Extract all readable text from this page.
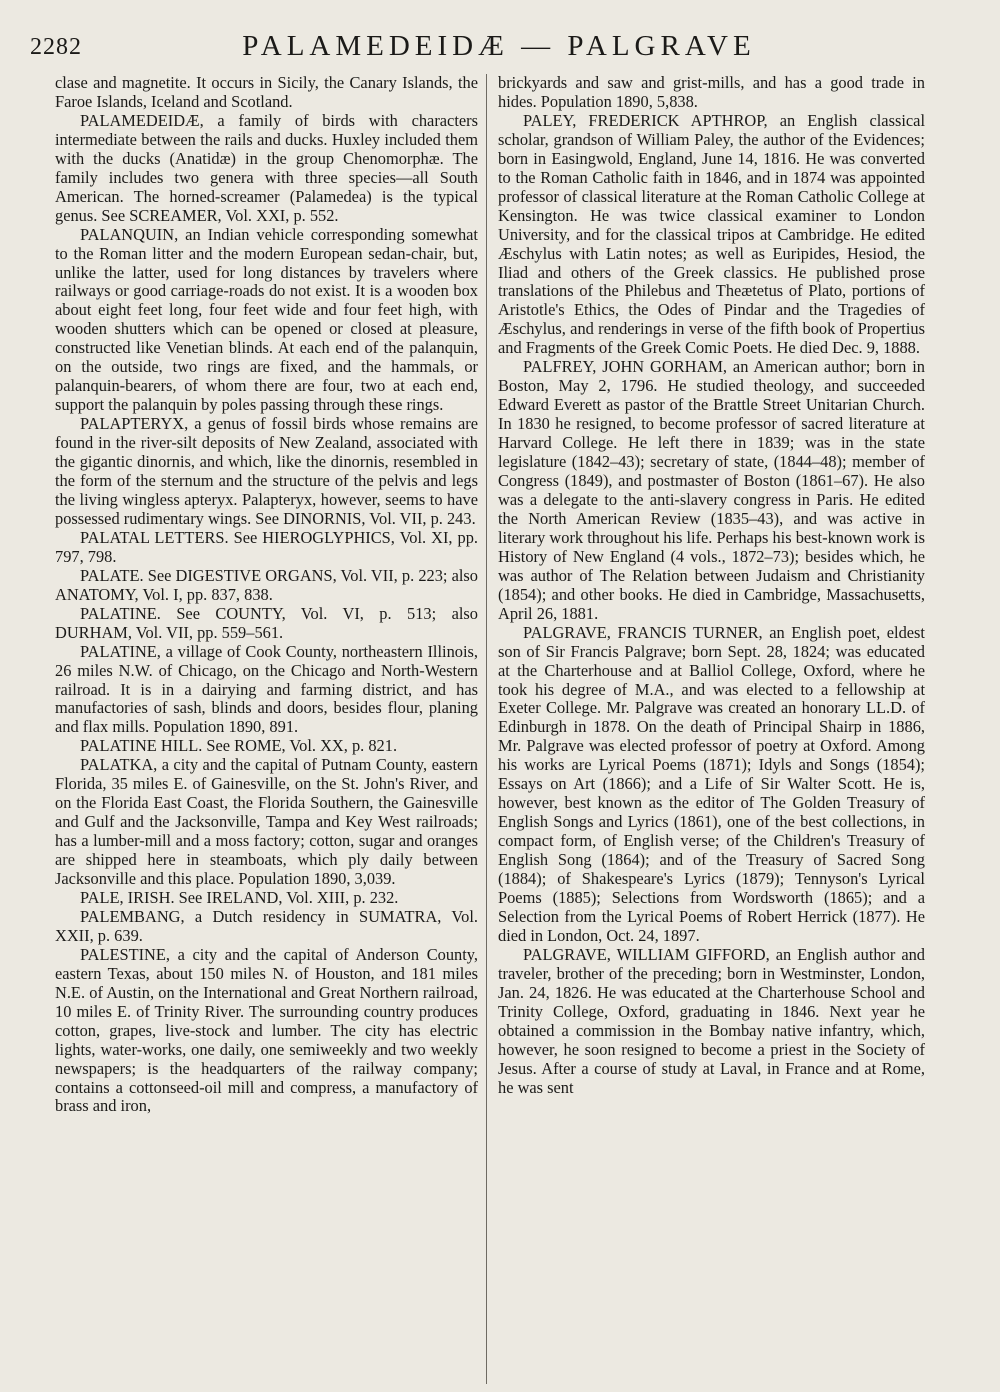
2282	PALAMEDEIDÆ — PALGRAVE

clase and magnetite. It occurs in Sicily, the Canary Islands, the Faroe Islands, Iceland and Scotland.

PALAMEDEIDÆ, a family of birds with characters intermediate between the rails and ducks. Huxley included them with the ducks (Anatidæ) in the group Chenomorphæ. The family includes two genera with three species—all South American. The horned-screamer (Palamedea) is the typical genus. See SCREAMER, Vol. XXI, p. 552.

PALANQUIN, an Indian vehicle corresponding somewhat to the Roman litter and the modern European sedan-chair, but, unlike the latter, used for long distances by travelers where railways or good carriage-roads do not exist. It is a wooden box about eight feet long, four feet wide and four feet high, with wooden shutters which can be opened or closed at pleasure, constructed like Venetian blinds. At each end of the palanquin, on the outside, two rings are fixed, and the hammals, or palanquin-bearers, of whom there are four, two at each end, support the palanquin by poles passing through these rings.

PALAPTERYX, a genus of fossil birds whose remains are found in the river-silt deposits of New Zealand, associated with the gigantic dinornis, and which, like the dinornis, resembled in the form of the sternum and the structure of the pelvis and legs the living wingless apteryx. Palapteryx, however, seems to have possessed rudimentary wings. See DINORNIS, Vol. VII, p. 243.

PALATAL LETTERS. See HIEROGLYPHICS, Vol. XI, pp. 797, 798.

PALATE. See DIGESTIVE ORGANS, Vol. VII, p. 223; also ANATOMY, Vol. I, pp. 837, 838.

PALATINE. See COUNTY, Vol. VI, p. 513; also DURHAM, Vol. VII, pp. 559–561.

PALATINE, a village of Cook County, northeastern Illinois, 26 miles N.W. of Chicago, on the Chicago and North-Western railroad. It is in a dairying and farming district, and has manufactories of sash, blinds and doors, besides flour, planing and flax mills. Population 1890, 891.

PALATINE HILL. See ROME, Vol. XX, p. 821.

PALATKA, a city and the capital of Putnam County, eastern Florida, 35 miles E. of Gainesville, on the St. John's River, and on the Florida East Coast, the Florida Southern, the Gainesville and Gulf and the Jacksonville, Tampa and Key West railroads; has a lumber-mill and a moss factory; cotton, sugar and oranges are shipped here in steamboats, which ply daily between Jacksonville and this place. Population 1890, 3,039.

PALE, IRISH. See IRELAND, Vol. XIII, p. 232.

PALEMBANG, a Dutch residency in SUMATRA, Vol. XXII, p. 639.

PALESTINE, a city and the capital of Anderson County, eastern Texas, about 150 miles N. of Houston, and 181 miles N.E. of Austin, on the International and Great Northern railroad, 10 miles E. of Trinity River. The surrounding country produces cotton, grapes, live-stock and lumber. The city has electric lights, water-works, one daily, one semiweekly and two weekly newspapers; is the headquarters of the railway company; contains a cottonseed-oil mill and compress, a manufactory of brass and iron,

brickyards and saw and grist-mills, and has a good trade in hides. Population 1890, 5,838.

PALEY, FREDERICK APTHROP, an English classical scholar, grandson of William Paley, the author of the Evidences; born in Easingwold, England, June 14, 1816. He was converted to the Roman Catholic faith in 1846, and in 1874 was appointed professor of classical literature at the Roman Catholic College at Kensington. He was twice classical examiner to London University, and for the classical tripos at Cambridge. He edited Æschylus with Latin notes; as well as Euripides, Hesiod, the Iliad and others of the Greek classics. He published prose translations of the Philebus and Theætetus of Plato, portions of Aristotle's Ethics, the Odes of Pindar and the Tragedies of Æschylus, and renderings in verse of the fifth book of Propertius and Fragments of the Greek Comic Poets. He died Dec. 9, 1888.

PALFREY, JOHN GORHAM, an American author; born in Boston, May 2, 1796. He studied theology, and succeeded Edward Everett as pastor of the Brattle Street Unitarian Church. In 1830 he resigned, to become professor of sacred literature at Harvard College. He left there in 1839; was in the state legislature (1842–43); secretary of state, (1844–48); member of Congress (1849), and postmaster of Boston (1861–67). He also was a delegate to the anti-slavery congress in Paris. He edited the North American Review (1835–43), and was active in literary work throughout his life. Perhaps his best-known work is History of New England (4 vols., 1872–73); besides which, he was author of The Relation between Judaism and Christianity (1854); and other books. He died in Cambridge, Massachusetts, April 26, 1881.

PALGRAVE, FRANCIS TURNER, an English poet, eldest son of Sir Francis Palgrave; born Sept. 28, 1824; was educated at the Charterhouse and at Balliol College, Oxford, where he took his degree of M.A., and was elected to a fellowship at Exeter College. Mr. Palgrave was created an honorary LL.D. of Edinburgh in 1878. On the death of Principal Shairp in 1886, Mr. Palgrave was elected professor of poetry at Oxford. Among his works are Lyrical Poems (1871); Idyls and Songs (1854); Essays on Art (1866); and a Life of Sir Walter Scott. He is, however, best known as the editor of The Golden Treasury of English Songs and Lyrics (1861), one of the best collections, in compact form, of English verse; of the Children's Treasury of English Song (1864); and of the Treasury of Sacred Song (1884); of Shakespeare's Lyrics (1879); Tennyson's Lyrical Poems (1885); Selections from Wordsworth (1865); and a Selection from the Lyrical Poems of Robert Herrick (1877). He died in London, Oct. 24, 1897.

PALGRAVE, WILLIAM GIFFORD, an English author and traveler, brother of the preceding; born in Westminster, London, Jan. 24, 1826. He was educated at the Charterhouse School and Trinity College, Oxford, graduating in 1846. Next year he obtained a commission in the Bombay native infantry, which, however, he soon resigned to become a priest in the Society of Jesus. After a course of study at Laval, in France and at Rome, he was sent
